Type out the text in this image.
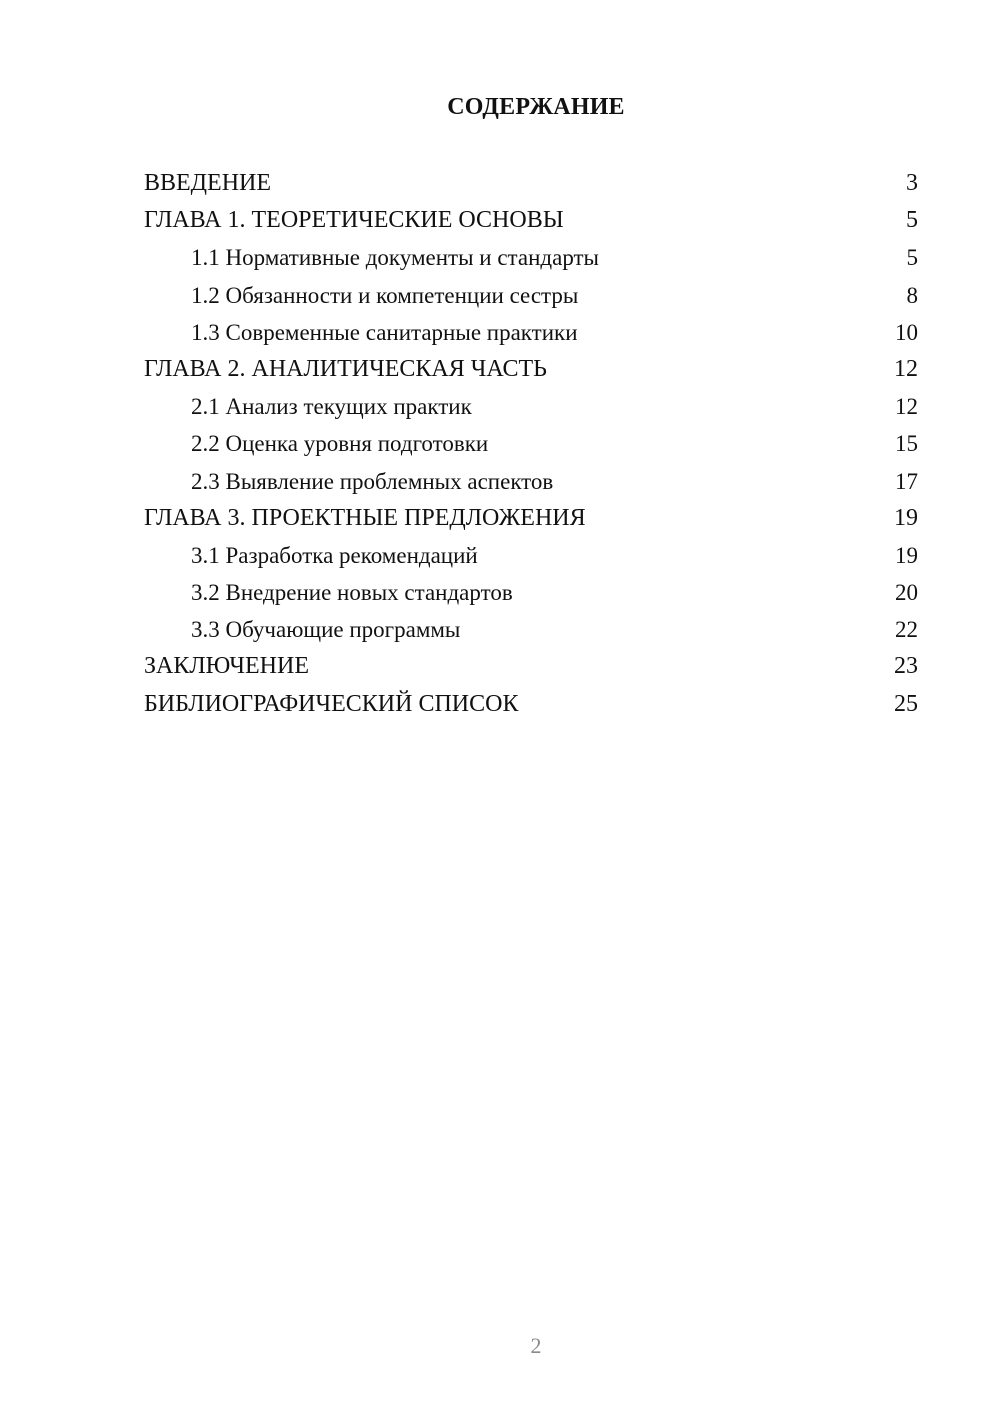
СОДЕРЖАНИЕ
ВВЕДЕНИЕ	3
ГЛАВА 1. ТЕОРЕТИЧЕСКИЕ ОСНОВЫ	5
1.1 Нормативные документы и стандарты	5
1.2 Обязанности и компетенции сестры	8
1.3 Современные санитарные практики	10
ГЛАВА 2. АНАЛИТИЧЕСКАЯ ЧАСТЬ	12
2.1 Анализ текущих практик	12
2.2 Оценка уровня подготовки	15
2.3 Выявление проблемных аспектов	17
ГЛАВА 3. ПРОЕКТНЫЕ ПРЕДЛОЖЕНИЯ	19
3.1 Разработка рекомендаций	19
3.2 Внедрение новых стандартов	20
3.3 Обучающие программы	22
ЗАКЛЮЧЕНИЕ	23
БИБЛИОГРАФИЧЕСКИЙ СПИСОК	25
2
